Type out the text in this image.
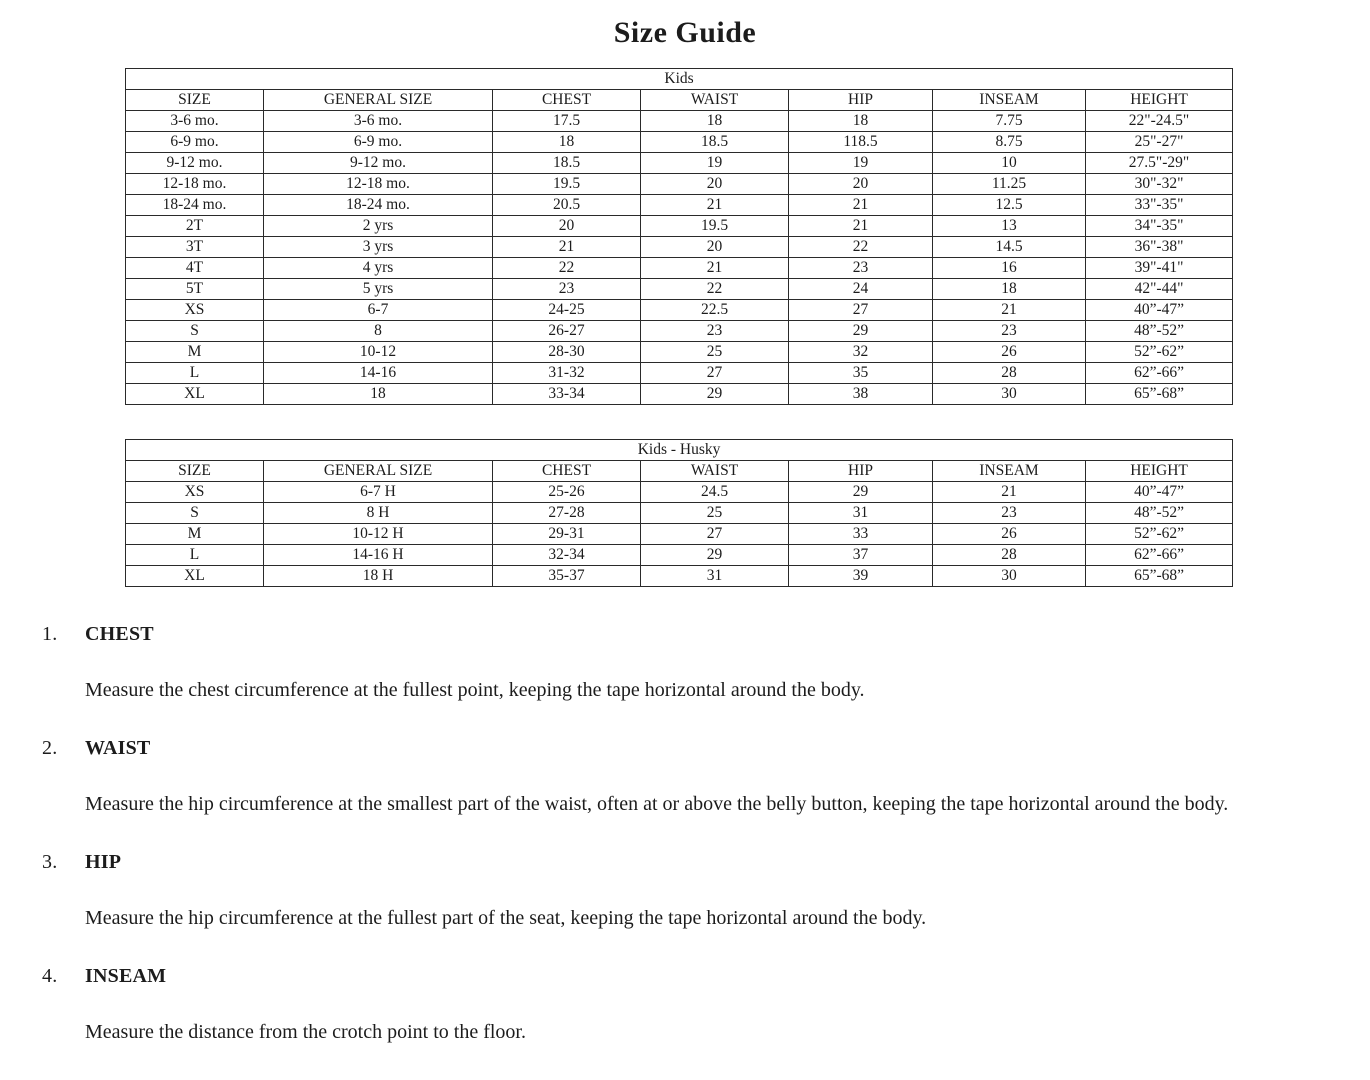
Size Guide
Kids						
SIZE	GENERAL SIZE	CHEST	WAIST	HIP	INSEAM	HEIGHT
3-6 mo.	3-6 mo.	17.5	18	18	7.75	22"-24.5"
6-9 mo.	6-9 mo.	18	18.5	118.5	8.75	25"-27"
9-12 mo.	9-12 mo.	18.5	19	19	10	27.5"-29"
12-18 mo.	12-18 mo.	19.5	20	20	11.25	30"-32"
18-24 mo.	18-24 mo.	20.5	21	21	12.5	33"-35"
2T	2 yrs	20	19.5	21	13	34"-35"
3T	3 yrs	21	20	22	14.5	36"-38"
4T	4 yrs	22	21	23	16	39"-41"
5T	5 yrs	23	22	24	18	42"-44"
XS	6-7	24-25	22.5	27	21	40”-47”
S	8	26-27	23	29	23	48”-52”
M	10-12	28-30	25	32	26	52”-62”
L	14-16	31-32	27	35	28	62”-66”
XL	18	33-34	29	38	30	65”-68”
Kids - Husky						
SIZE	GENERAL SIZE	CHEST	WAIST	HIP	INSEAM	HEIGHT
XS	6-7 H	25-26	24.5	29	21	40”-47”
S	8 H	27-28	25	31	23	48”-52”
M	10-12 H	29-31	27	33	26	52”-62”
L	14-16 H	32-34	29	37	28	62”-66”
XL	18 H	35-37	31	39	30	65”-68”
1. CHEST

Measure the chest circumference at the fullest point, keeping the tape horizontal around the body.

2. WAIST

Measure the hip circumference at the smallest part of the waist, often at or above the belly button, keeping the tape horizontal around the body.

3. HIP

Measure the hip circumference at the fullest part of the seat, keeping the tape horizontal around the body.

4. INSEAM

Measure the distance from the crotch point to the floor.
